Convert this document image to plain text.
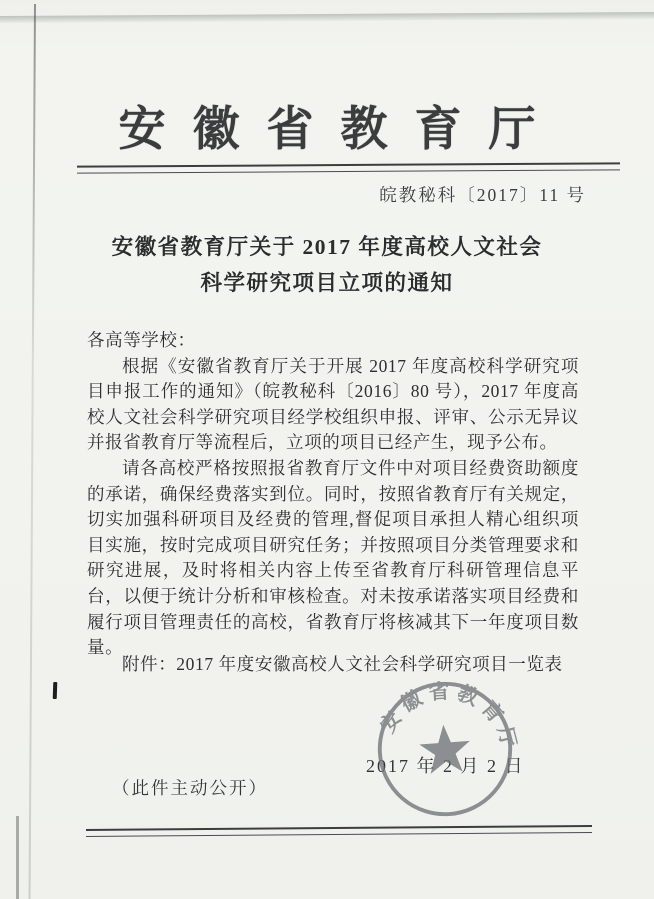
安徽省教育厅
皖教秘科〔2017〕11 号
安徽省教育厅关于 2017 年度高校人文社会
科学研究项目立项的通知

各高等学校：

根据《安徽省教育厅关于开展 2017 年度高校科学研究项目申报工作的通知》（皖教秘科〔2016〕80 号），2017 年度高校人文社会科学研究项目经学校组织申报、评审、公示无异议并报省教育厅等流程后，立项的项目已经产生，现予公布。

请各高校严格按照报省教育厅文件中对项目经费资助额度的承诺，确保经费落实到位。同时，按照省教育厅有关规定，切实加强科研项目及经费的管理,督促项目承担人精心组织项目实施，按时完成项目研究任务；并按照项目分类管理要求和研究进展，及时将相关内容上传至省教育厅科研管理信息平台，以便于统计分析和审核检查。对未按承诺落实项目经费和履行项目管理责任的高校，省教育厅将核减其下一年度项目数量。

附件：2017 年度安徽高校人文社会科学研究项目一览表
2017 年 2 月 2 日
安徽省教育厅
（此件主动公开）
